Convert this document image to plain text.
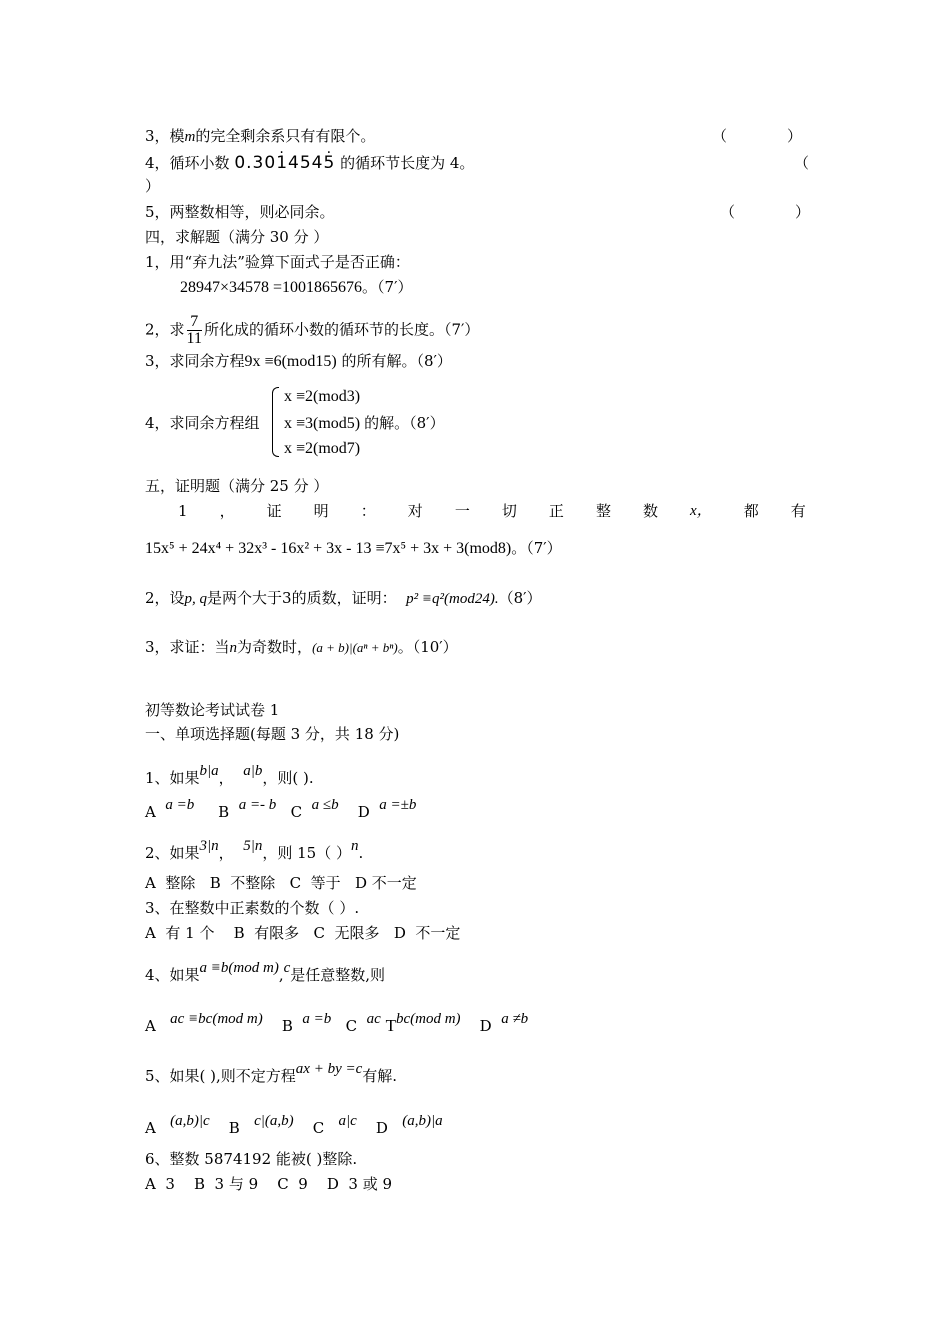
3，模m的完全剩余系只有有限个。	（　　　　）
4，循环小数 0.30· 1454· 5 的循环节长度为 4。	（
）
5，两整数相等，则必同余。	（　　　　）
四，求解题（满分 30 分 ）
1，用“弃九法”验算下面式子是否正确：
28947×34578 =1001865676。（7′）
2，求 $\frac{7}{11}$ 所化成的循环小数的循环节的长度。（7′）
3，求同余方程9x ≡6(mod15) 的所有解。（8′）
4，求同余方程组
x ≡2(mod3)
x ≡3(mod5) 的解。（8′）
x ≡2(mod7)
五，证明题（满分 25 分 ）
1 ， 证 明 ： 对 一 切 正 整 数 x， 都 有
15x⁵ + 24x⁴ + 32x³ - 16x² + 3x - 13 ≡7x⁵ + 3x + 3(mod8)。（7′）
2，设p, q是两个大于3的质数，证明： p² ≡q²(mod24).（8′）
3，求证：当n为奇数时，(a + b)|(aⁿ + bⁿ)。（10′）
初等数论考试试卷 1
一、单项选择题(每题 3 分，共 18 分)
1、如果b|a， a|b，则( ).
A a =b B a =- b C a ≤b D a =±b
2、如果3|n， 5|n，则 15（ ）n.
A 整除 B 不整除 C 等于 D 不一定
3、在整数中正素数的个数（ ）.
A 有 1 个 B 有限多 C 无限多 D 不一定
4、如果a ≡b(mod m),c是任意整数,则
A ac ≡bc(mod m) B a =b C ac Tbc(mod m) D a ≠b
5、如果( ),则不定方程ax + by =c有解.
A (a,b)|c B c|(a,b) C a|c D (a,b)|a
6、整数 5874192 能被( )整除.
A  3    B  3 与 9    C  9    D  3 或 9
